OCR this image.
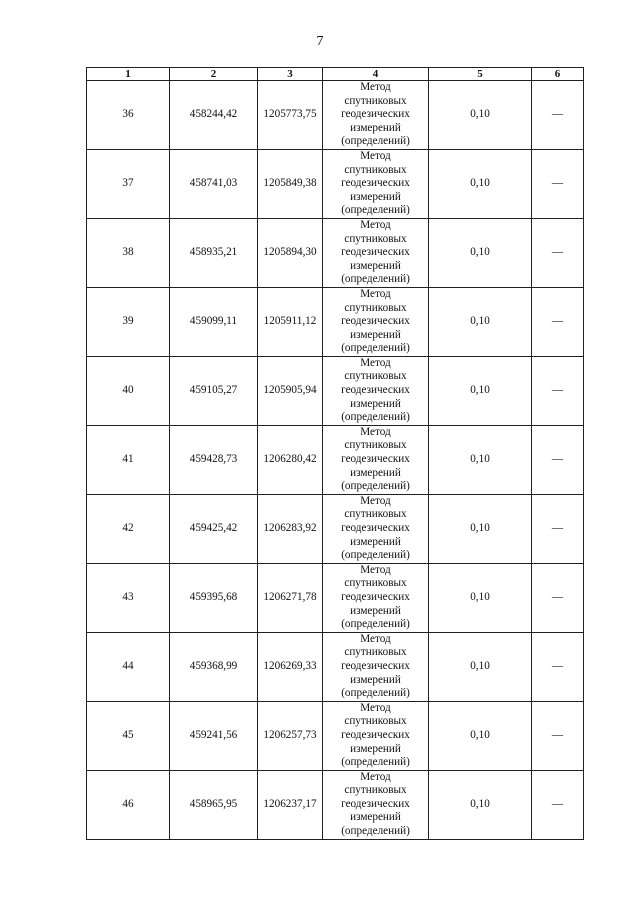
7
1	2	3	4	5	6
36	458244,42	1205773,75	Метод
спутниковых
геодезических
измерений
(определений)	0,10	—
37	458741,03	1205849,38	Метод
спутниковых
геодезических
измерений
(определений)	0,10	—
38	458935,21	1205894,30	Метод
спутниковых
геодезических
измерений
(определений)	0,10	—
39	459099,11	1205911,12	Метод
спутниковых
геодезических
измерений
(определений)	0,10	—
40	459105,27	1205905,94	Метод
спутниковых
геодезических
измерений
(определений)	0,10	—
41	459428,73	1206280,42	Метод
спутниковых
геодезических
измерений
(определений)	0,10	—
42	459425,42	1206283,92	Метод
спутниковых
геодезических
измерений
(определений)	0,10	—
43	459395,68	1206271,78	Метод
спутниковых
геодезических
измерений
(определений)	0,10	—
44	459368,99	1206269,33	Метод
спутниковых
геодезических
измерений
(определений)	0,10	—
45	459241,56	1206257,73	Метод
спутниковых
геодезических
измерений
(определений)	0,10	—
46	458965,95	1206237,17	Метод
спутниковых
геодезических
измерений
(определений)	0,10	—
